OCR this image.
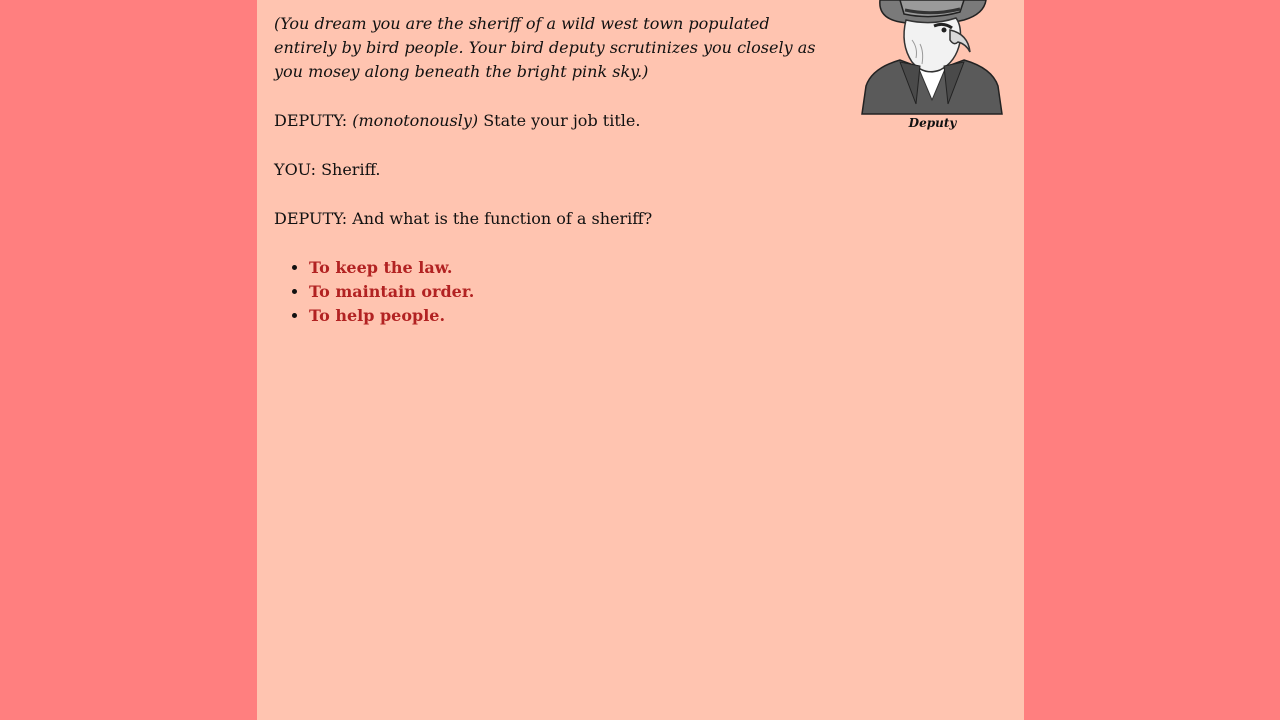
(You dream you are the sheriff of a wild west town populated entirely by bird people. Your bird deputy scrutinizes you closely as you mosey along beneath the bright pink sky.)

DEPUTY: (monotonously) State your job title.

YOU: Sheriff.

DEPUTY: And what is the function of a sheriff?

• To keep the law.
• To maintain order.
• To help people.
Deputy
